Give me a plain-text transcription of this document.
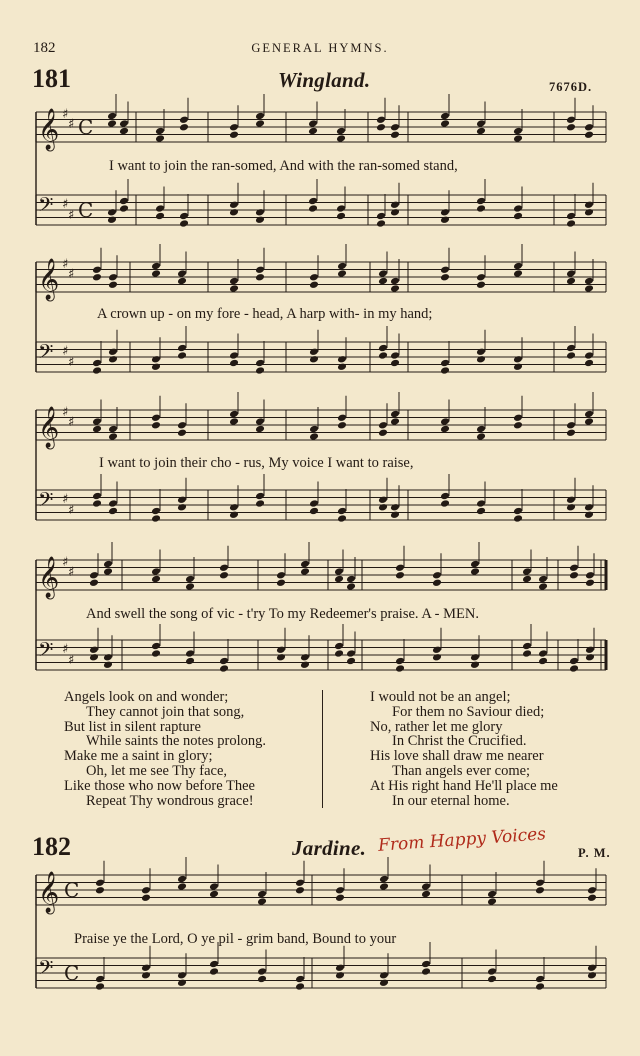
182	GENERAL HYMNS.
181	Wingland.	7676D.
𝄞 ♯
♯
𝄢 ♯
♯
C
C
𝄞 ♯
♯
𝄢 ♯
♯
𝄞 ♯
♯
𝄢 ♯
♯
𝄞 ♯
♯
𝄢 ♯
♯
𝄞
𝄢
C
C
I want to join the ran-somed, And with the ran-somed stand,
A crown up - on my fore - head, A harp with- in my hand;
I want to join their cho - rus, My voice I want to raise,
And swell the song of vic - t'ry To my Redeemer's praise. A - MEN.
Angels look on and wonder;
They cannot join that song,
But list in silent rapture
While saints the notes prolong.
Make me a saint in glory;
Oh, let me see Thy face,
Like those who now before Thee
Repeat Thy wondrous grace!
I would not be an angel;
For them no Saviour died;
No, rather let me glory
In Christ the Crucified.
His love shall draw me nearer
Than angels ever come;
At His right hand He'll place me
In our eternal home.
182	Jardine. From Happy Voices	P. M.
Praise ye the Lord, O ye pil - grim band, Bound to your
